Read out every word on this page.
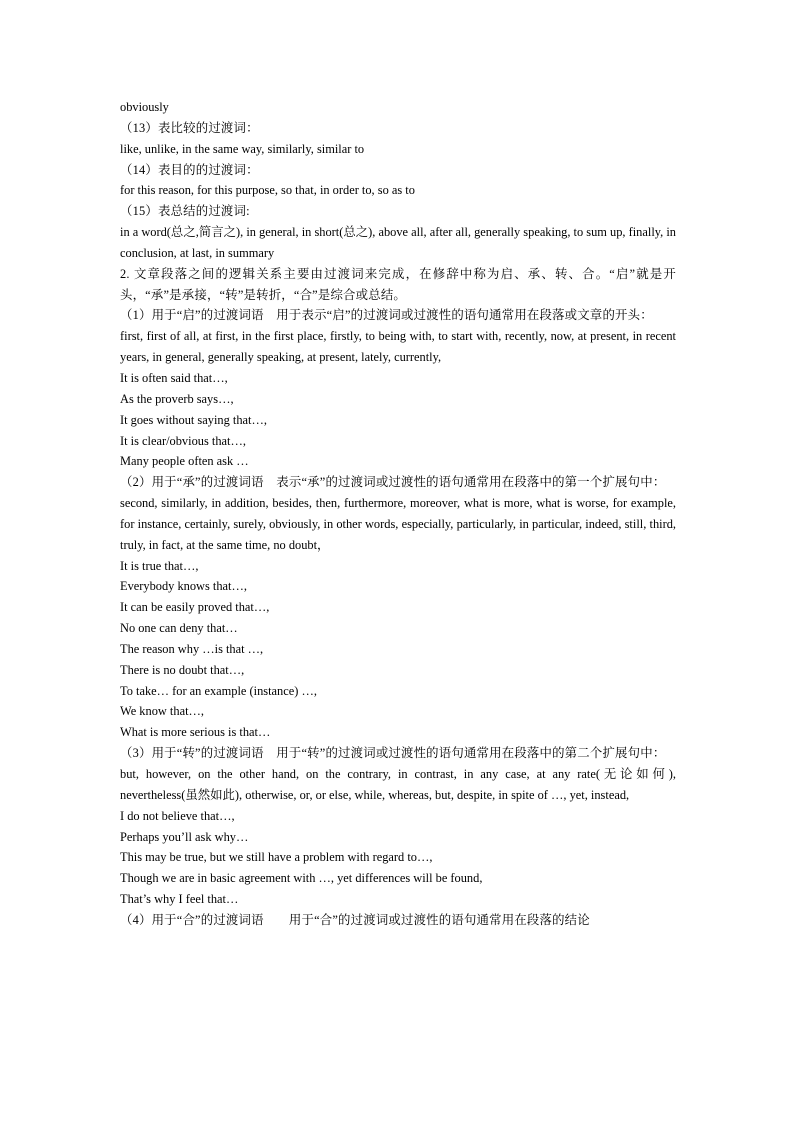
obviously
（13）表比较的过渡词：
like, unlike, in the same way, similarly, similar to
（14）表目的的过渡词：
for this reason, for this purpose, so that, in order to, so as to
（15）表总结的过渡词:
in a word(总之,简言之), in general, in short(总之), above all, after all, generally speaking, to sum up, finally, in conclusion, at last, in summary
2. 文章段落之间的逻辑关系主要由过渡词来完成，在修辞中称为启、承、转、合。“启”就是开头，“承”是承接，“转”是转折，“合”是综合或总结。
（1）用于“启”的过渡词语　用于表示“启”的过渡词或过渡性的语句通常用在段落或文章的开头：
first, first of all, at first, in the first place, firstly, to being with, to start with, recently, now, at present, in recent years, in general, generally speaking, at present, lately, currently,
It is often said that…,
As the proverb says…,
It goes without saying that…,
It is clear/obvious that…,
Many people often ask …
（2）用于“承”的过渡词语　表示“承”的过渡词或过渡性的语句通常用在段落中的第一个扩展句中：
second, similarly, in addition, besides, then, furthermore, moreover, what is more, what is worse, for example, for instance, certainly, surely, obviously, in other words, especially, particularly, in particular, indeed, still, third, truly, in fact, at the same time, no doubt，
It is true that…,
Everybody knows that…,
It can be easily proved that…,
No one can deny that…
The reason why …is that …,
There is no doubt that…,
To take… for an example (instance) …,
We know that…,
What is more serious is that…
（3）用于“转”的过渡词语　用于“转”的过渡词或过渡性的语句通常用在段落中的第二个扩展句中：
but, however, on the other hand, on the contrary, in contrast, in any case, at any rate(无论如何), nevertheless(虽然如此), otherwise, or, or else, while, whereas, but, despite, in spite of …, yet, instead,
I do not believe that…,
Perhaps you’ll ask why…
This may be true, but we still have a problem with regard to…,
Though we are in basic agreement with …, yet differences will be found,
That’s why I feel that…
（4）用于“合”的过渡词语　　用于“合”的过渡词或过渡性的语句通常用在段落的结论
